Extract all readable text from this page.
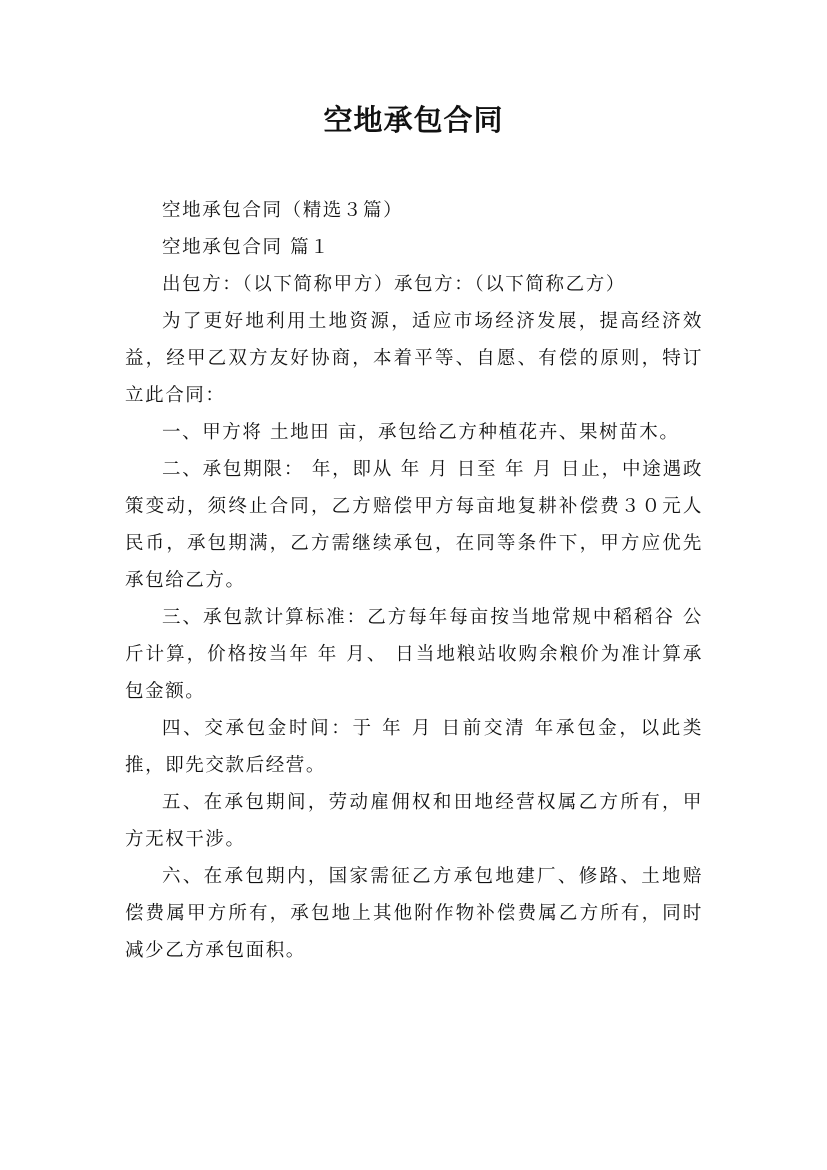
空地承包合同

空地承包合同（精选３篇）

空地承包合同 篇１

出包方：（以下简称甲方）承包方：（以下简称乙方）

为了更好地利用土地资源，适应市场经济发展，提高经济效益，经甲乙双方友好协商，本着平等、自愿、有偿的原则，特订立此合同：

一、甲方将 土地田 亩，承包给乙方种植花卉、果树苗木。

二、承包期限： 年，即从 年 月 日至 年 月 日止，中途遇政策变动，须终止合同，乙方赔偿甲方每亩地复耕补偿费３０元人民币，承包期满，乙方需继续承包，在同等条件下，甲方应优先承包给乙方。

三、承包款计算标准：乙方每年每亩按当地常规中稻稻谷 公斤计算，价格按当年 年 月、 日当地粮站收购余粮价为准计算承包金额。

四、交承包金时间：于 年 月 日前交清 年承包金，以此类推，即先交款后经营。

五、在承包期间，劳动雇佣权和田地经营权属乙方所有，甲方无权干涉。

六、在承包期内，国家需征乙方承包地建厂、修路、土地赔偿费属甲方所有，承包地上其他附作物补偿费属乙方所有，同时减少乙方承包面积。
